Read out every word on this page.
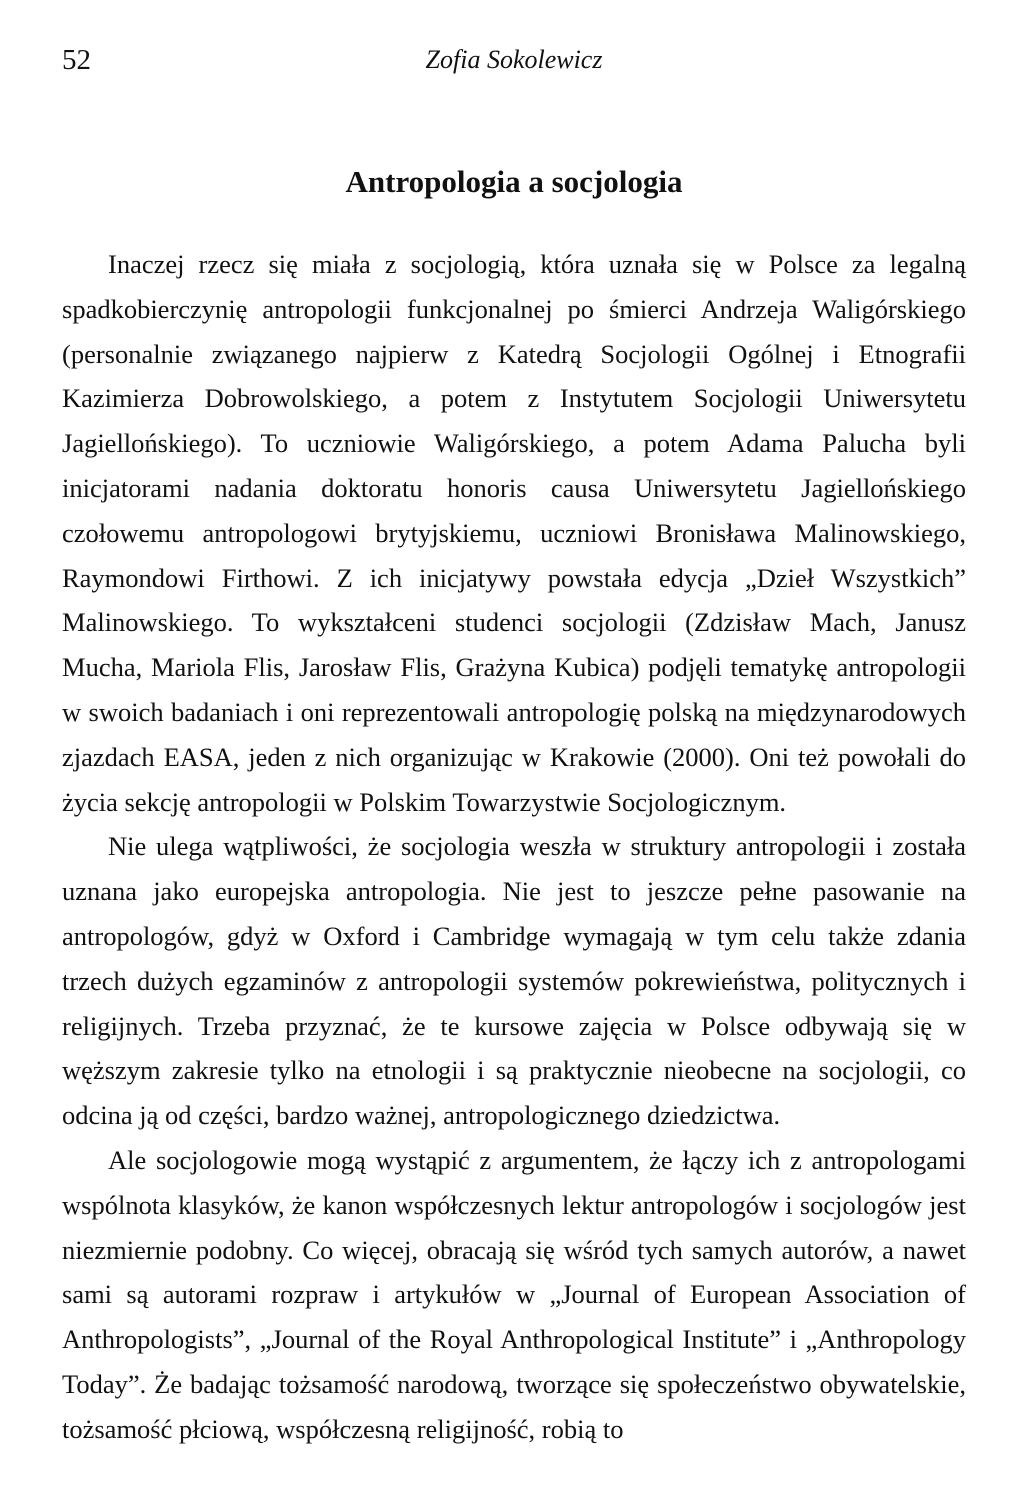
52	Zofia Sokolewicz
Antropologia a socjologia

Inaczej rzecz się miała z socjologią, która uznała się w Polsce za legalną spadkobierczynię antropologii funkcjonalnej po śmierci Andrzeja Waligórskiego (personalnie związanego najpierw z Katedrą Socjologii Ogólnej i Etnografii Kazimierza Dobrowolskiego, a potem z Instytutem Socjologii Uniwersytetu Jagiellońskiego). To uczniowie Waligórskiego, a potem Adama Palucha byli inicjatorami nadania doktoratu honoris causa Uniwersytetu Jagiellońskiego czołowemu antropologowi brytyjskiemu, uczniowi Bronisława Malinowskiego, Raymondowi Firthowi. Z ich inicjatywy powstała edycja „Dzieł Wszystkich” Malinowskiego. To wykształceni studenci socjologii (Zdzisław Mach, Janusz Mucha, Mariola Flis, Jarosław Flis, Grażyna Kubica) podjęli tematykę antropologii w swoich badaniach i oni reprezentowali antropologię polską na międzynarodowych zjazdach EASA, jeden z nich organizując w Krakowie (2000). Oni też powołali do życia sekcję antropologii w Polskim Towarzystwie Socjologicznym.

Nie ulega wątpliwości, że socjologia weszła w struktury antropologii i została uznana jako europejska antropologia. Nie jest to jeszcze pełne pasowanie na antropologów, gdyż w Oxford i Cambridge wymagają w tym celu także zdania trzech dużych egzaminów z antropologii systemów pokrewieństwa, politycznych i religijnych. Trzeba przyznać, że te kursowe zajęcia w Polsce odbywają się w węższym zakresie tylko na etnologii i są praktycznie nieobecne na socjologii, co odcina ją od części, bardzo ważnej, antropologicznego dziedzictwa.

Ale socjologowie mogą wystąpić z argumentem, że łączy ich z antropologami wspólnota klasyków, że kanon współczesnych lektur antropologów i socjologów jest niezmiernie podobny. Co więcej, obracają się wśród tych samych autorów, a nawet sami są autorami rozpraw i artykułów w „Journal of European Association of Anthropologists”, „Journal of the Royal Anthropological Institute” i „Anthropology Today”. Że badając tożsamość narodową, tworzące się społeczeństwo obywatelskie, tożsamość płciową, współczesną religijność, robią to
